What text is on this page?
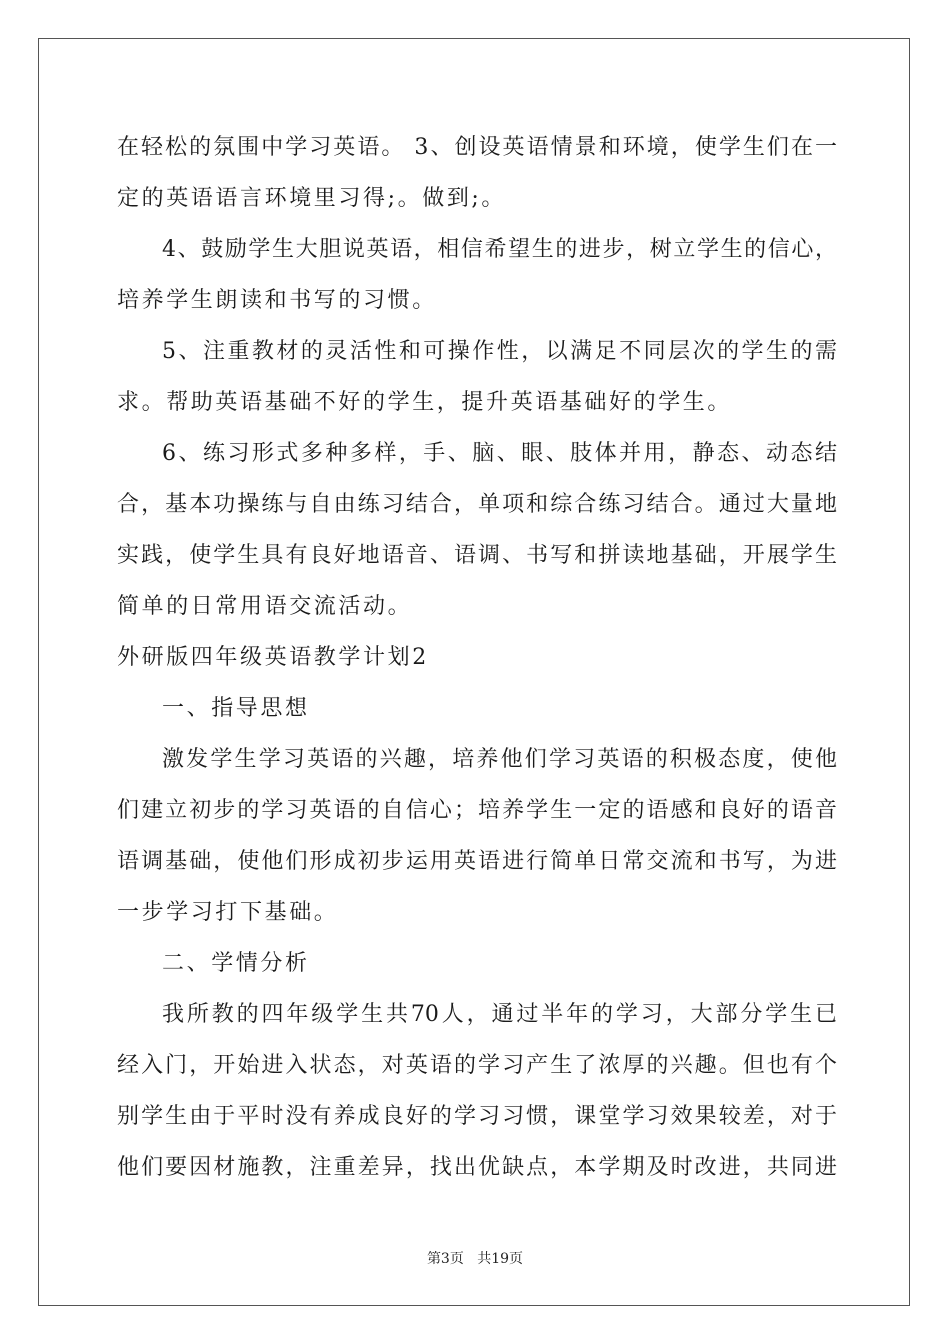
在轻松的氛围中学习英语。 3、创设英语情景和环境，使学生们在一
定的英语语言环境里习得;。做到;。
4、鼓励学生大胆说英语，相信希望生的进步，树立学生的信心，
培养学生朗读和书写的习惯。
5、注重教材的灵活性和可操作性，以满足不同层次的学生的需
求。帮助英语基础不好的学生，提升英语基础好的学生。
6、练习形式多种多样，手、脑、眼、肢体并用，静态、动态结
合，基本功操练与自由练习结合，单项和综合练习结合。通过大量地
实践，使学生具有良好地语音、语调、书写和拼读地基础，开展学生
简单的日常用语交流活动。
外研版四年级英语教学计划2
一、指导思想
激发学生学习英语的兴趣，培养他们学习英语的积极态度，使他
们建立初步的学习英语的自信心；培养学生一定的语感和良好的语音
语调基础，使他们形成初步运用英语进行简单日常交流和书写，为进
一步学习打下基础。
二、学情分析
我所教的四年级学生共70人，通过半年的学习，大部分学生已
经入门，开始进入状态，对英语的学习产生了浓厚的兴趣。但也有个
别学生由于平时没有养成良好的学习习惯，课堂学习效果较差，对于
他们要因材施教，注重差异，找出优缺点，本学期及时改进，共同进
第3页 共19页
